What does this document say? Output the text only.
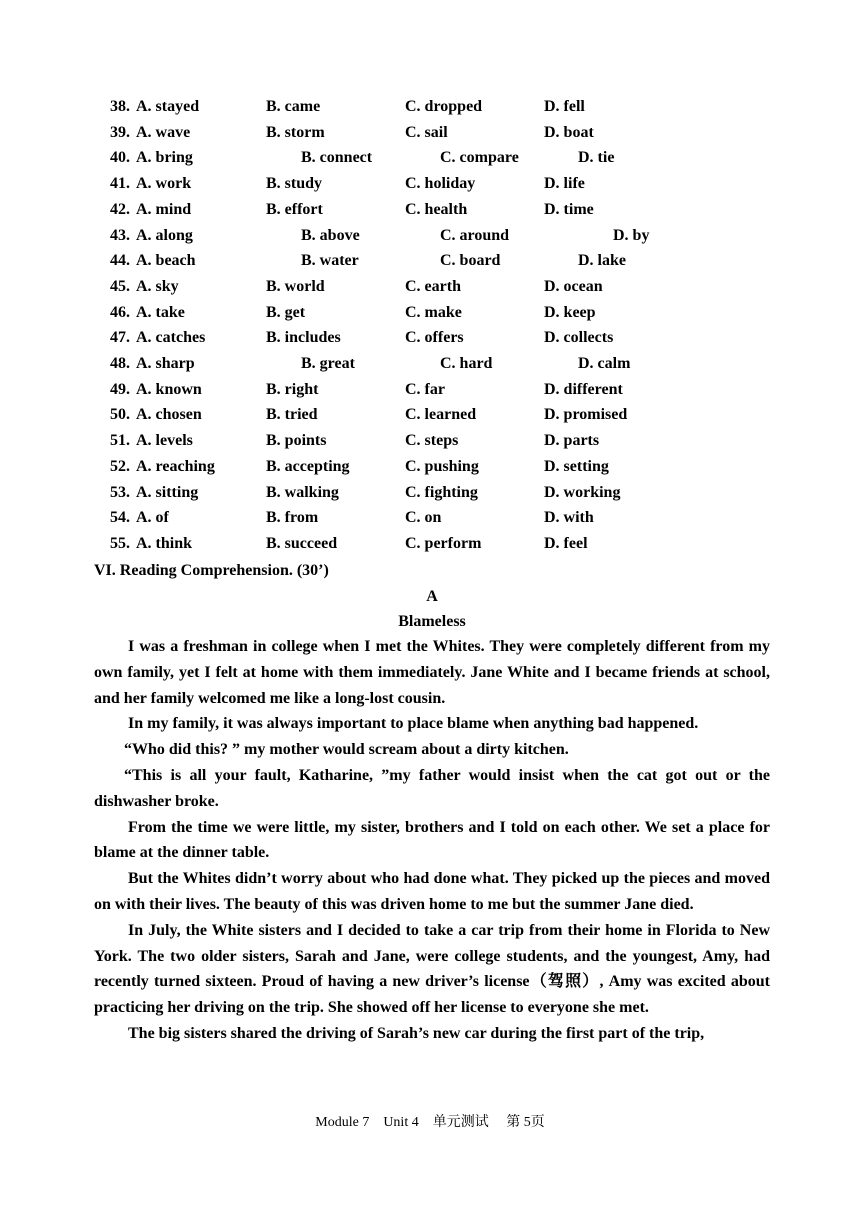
38. A. stayed	B. came	C. dropped	D. fell
39. A. wave	B. storm	C. sail	D. boat
40. A. bring	B. connect	C. compare	D. tie
41. A. work	B. study	C. holiday	D. life
42. A. mind	B. effort	C. health	D. time
43. A. along	B. above	C. around	D. by
44. A. beach	B. water	C. board	D. lake
45. A. sky	B. world	C. earth	D. ocean
46. A. take	B. get	C. make	D. keep
47. A. catches	B. includes	C. offers	D. collects
48. A. sharp	B. great	C. hard	D. calm
49. A. known	B. right	C. far	D. different
50. A. chosen	B. tried	C. learned	D. promised
51. A. levels	B. points	C. steps	D. parts
52. A. reaching	B. accepting	C. pushing	D. setting
53. A. sitting	B. walking	C. fighting	D. working
54. A. of	B. from	C. on	D. with
55. A. think	B. succeed	C. perform	D. feel
VI. Reading Comprehension. (30’)
A
Blameless

I was a freshman in college when I met the Whites. They were completely different from my own family, yet I felt at home with them immediately. Jane White and I became friends at school, and her family welcomed me like a long-lost cousin.

In my family, it was always important to place blame when anything bad happened.

“Who did this? ” my mother would scream about a dirty kitchen.

“This is all your fault, Katharine, ”my father would insist when the cat got out or the dishwasher broke.

From the time we were little, my sister, brothers and I told on each other. We set a place for blame at the dinner table.

But the Whites didn’t worry about who had done what. They picked up the pieces and moved on with their lives. The beauty of this was driven home to me but the summer Jane died.

In July, the White sisters and I decided to take a car trip from their home in Florida to New York. The two older sisters, Sarah and Jane, were college students, and the youngest, Amy, had recently turned sixteen. Proud of having a new driver’s license（驾照）, Amy was excited about practicing her driving on the trip. She showed off her license to everyone she met.

The big sisters shared the driving of Sarah’s new car during the first part of the trip,

Module 7　Unit 4　单元测试　 第 5页
